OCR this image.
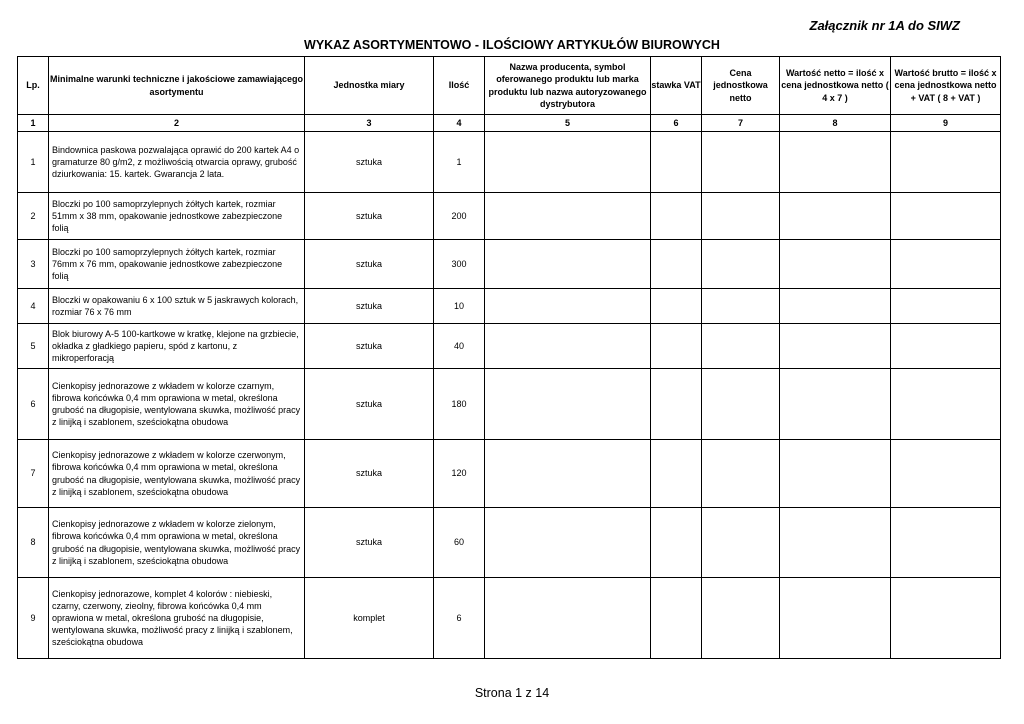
Załącznik nr 1A do SIWZ
WYKAZ ASORTYMENTOWO - ILOŚCIOWY ARTYKUŁÓW BIUROWYCH
Lp.	Minimalne warunki techniczne i jakościowe zamawiającego asortymentu	Jednostka miary	Ilość	Nazwa producenta, symbol oferowanego produktu lub marka produktu lub nazwa autoryzowanego dystrybutora	stawka VAT	Cena jednostkowa netto	Wartość netto = ilość x cena jednostkowa netto ( 4 x 7 )	Wartość brutto = ilość x cena jednostkowa netto + VAT ( 8 + VAT )
1	2	3	4	5	6	7	8	9
1	Bindownica paskowa pozwalająca oprawić do 200 kartek A4 o gramaturze 80 g/m2, z możliwością otwarcia oprawy, grubość dziurkowania: 15. kartek. Gwarancja 2 lata.	sztuka	1					
2	Bloczki po 100 samoprzylepnych żółtych kartek, rozmiar 51mm x 38 mm, opakowanie jednostkowe zabezpieczone folią	sztuka	200					
3	Bloczki po 100 samoprzylepnych żółtych kartek, rozmiar 76mm x 76 mm, opakowanie jednostkowe zabezpieczone folią	sztuka	300					
4	Bloczki w opakowaniu 6 x 100 sztuk w 5 jaskrawych kolorach, rozmiar 76 x 76 mm	sztuka	10					
5	Blok biurowy A-5 100-kartkowe w kratkę, klejone na grzbiecie, okładka z gładkiego papieru, spód z kartonu, z mikroperforacją	sztuka	40					
6	Cienkopisy jednorazowe z wkładem w kolorze czarnym, fibrowa końcówka 0,4 mm oprawiona w metal, określona grubość na długopisie, wentylowana skuwka, możliwość pracy z linijką i szablonem, sześciokątna obudowa	sztuka	180					
7	Cienkopisy jednorazowe z wkładem w kolorze czerwonym, fibrowa końcówka 0,4 mm oprawiona w metal, określona grubość na długopisie, wentylowana skuwka, możliwość pracy z linijką i szablonem, sześciokątna obudowa	sztuka	120					
8	Cienkopisy jednorazowe z wkładem w kolorze zielonym, fibrowa końcówka 0,4 mm oprawiona w metal, określona grubość na długopisie, wentylowana skuwka, możliwość pracy z linijką i szablonem, sześciokątna obudowa	sztuka	60					
9	Cienkopisy jednorazowe, komplet 4 kolorów : niebieski, czarny, czerwony, zieolny, fibrowa końcówka 0,4 mm oprawiona w metal, określona grubość na długopisie, wentylowana skuwka, możliwość pracy z linijką i szablonem, sześciokątna obudowa	komplet	6					
Strona 1 z 14
